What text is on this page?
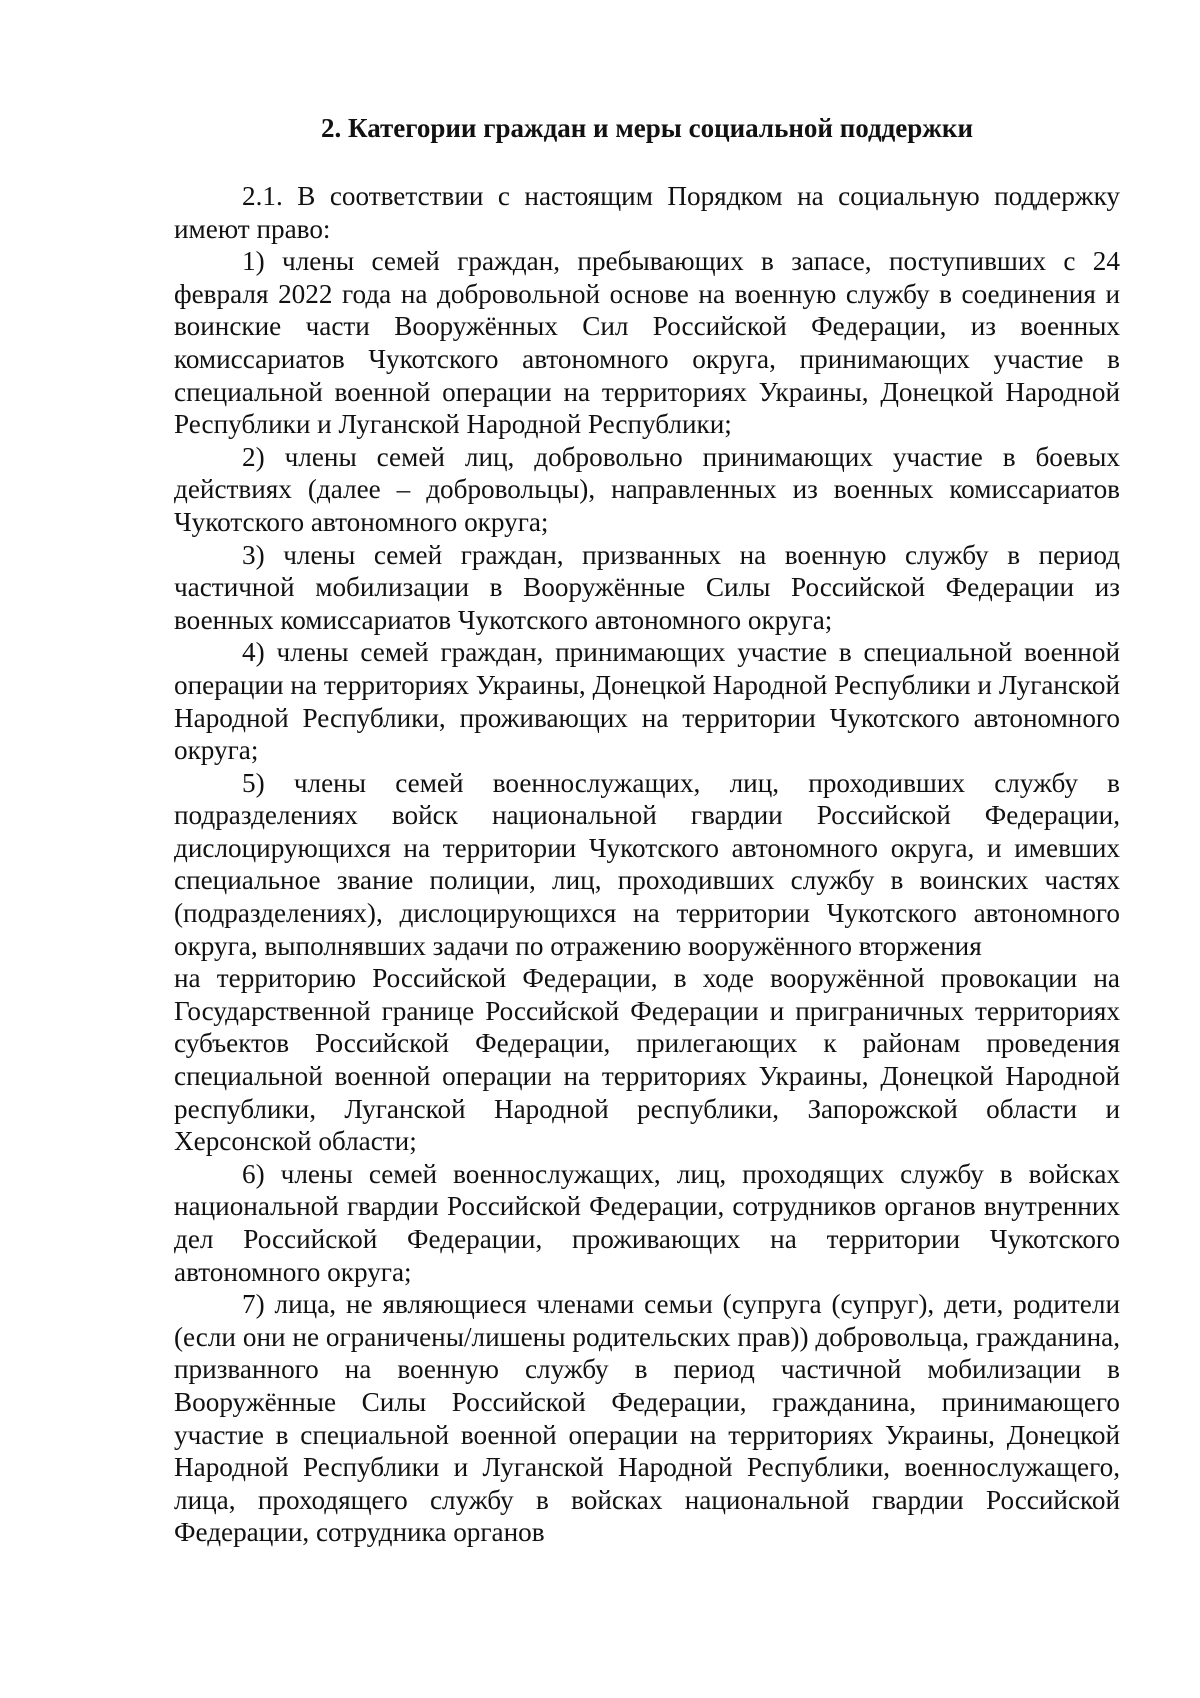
2. Категории граждан и меры социальной поддержки

2.1. В соответствии с настоящим Порядком на социальную поддержку имеют право:

1) члены семей граждан, пребывающих в запасе, поступивших с 24 февраля 2022 года на добровольной основе на военную службу в соединения и воинские части Вооружённых Сил Российской Федерации, из военных комиссариатов Чукотского автономного округа, принимающих участие в специальной военной операции на территориях Украины, Донецкой Народной Республики и Луганской Народной Республики;

2) члены семей лиц, добровольно принимающих участие в боевых действиях (далее – добровольцы), направленных из военных комиссариатов Чукотского автономного округа;

3) члены семей граждан, призванных на военную службу в период частичной мобилизации в Вооружённые Силы Российской Федерации из военных комиссариатов Чукотского автономного округа;

4) члены семей граждан, принимающих участие в специальной военной операции на территориях Украины, Донецкой Народной Республики и Луганской Народной Республики, проживающих на территории Чукотского автономного округа;

5) члены семей военнослужащих, лиц, проходивших службу в подразделениях войск национальной гвардии Российской Федерации, дислоцирующихся на территории Чукотского автономного округа, и имевших специальное звание полиции, лиц, проходивших службу в воинских частях (подразделениях), дислоцирующихся на территории Чукотского автономного округа, выполнявших задачи по отражению вооружённого вторжения

на территорию Российской Федерации, в ходе вооружённой провокации на Государственной границе Российской Федерации и приграничных территориях субъектов Российской Федерации, прилегающих к районам проведения специальной военной операции на территориях Украины, Донецкой Народной республики, Луганской Народной республики, Запорожской области и Херсонской области;

6) члены семей военнослужащих, лиц, проходящих службу в войсках национальной гвардии Российской Федерации, сотрудников органов внутренних дел Российской Федерации, проживающих на территории Чукотского автономного округа;

7) лица, не являющиеся членами семьи (супруга (супруг), дети, родители (если они не ограничены/лишены родительских прав)) добровольца, гражданина, призванного на военную службу в период частичной мобилизации в Вооружённые Силы Российской Федерации, гражданина, принимающего участие в специальной военной операции на территориях Украины, Донецкой Народной Республики и Луганской Народной Республики, военнослужащего, лица, проходящего службу в войсках национальной гвардии Российской Федерации, сотрудника органов
